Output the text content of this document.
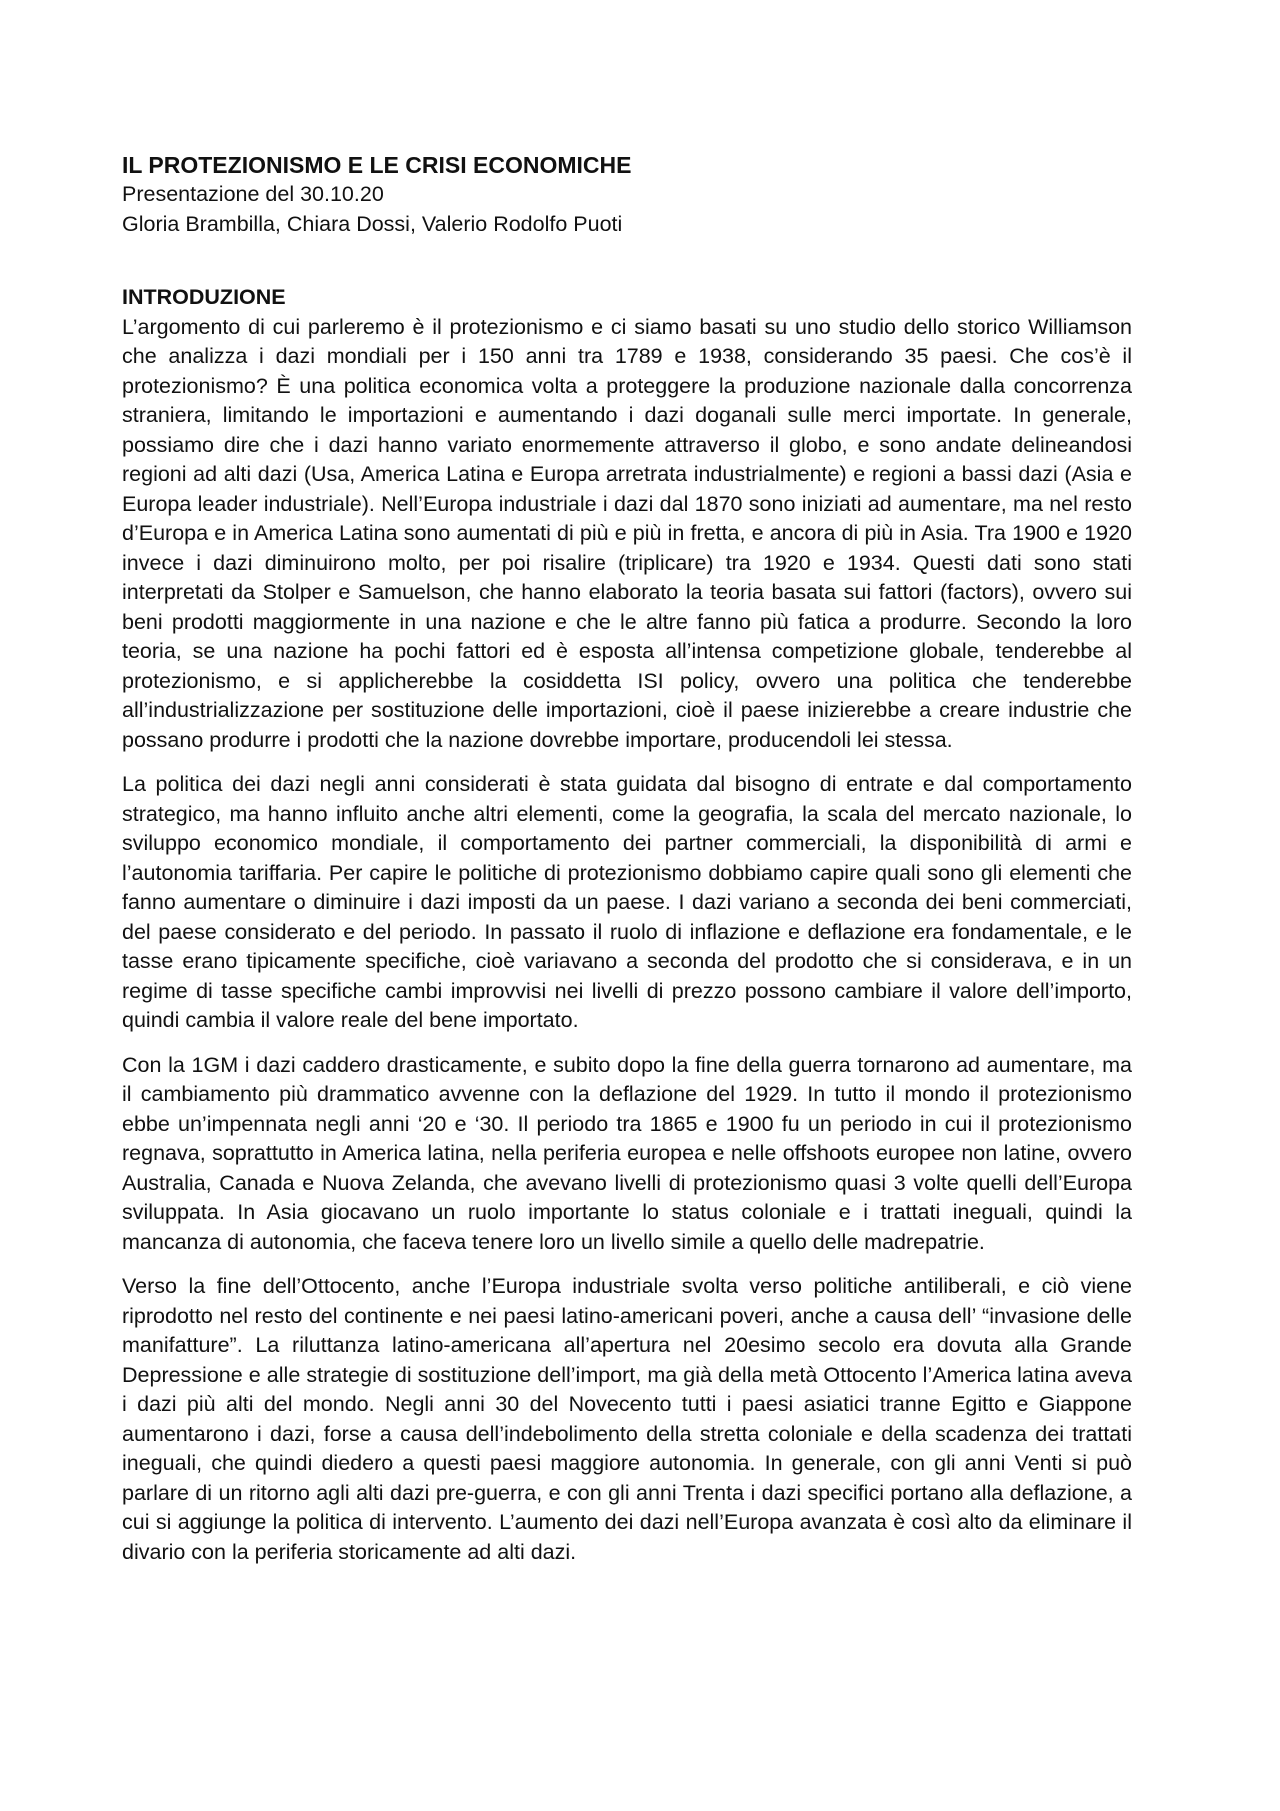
IL PROTEZIONISMO E LE CRISI ECONOMICHE
Presentazione del 30.10.20
Gloria Brambilla, Chiara Dossi, Valerio Rodolfo Puoti
INTRODUZIONE

L’argomento di cui parleremo è il protezionismo e ci siamo basati su uno studio dello storico Williamson che analizza i dazi mondiali per i 150 anni tra 1789 e 1938, considerando 35 paesi. Che cos’è il protezionismo? È una politica economica volta a proteggere la produzione nazionale dalla concorrenza straniera, limitando le importazioni e aumentando i dazi doganali sulle merci importate. In generale, possiamo dire che i dazi hanno variato enormemente attraverso il globo, e sono andate delineandosi regioni ad alti dazi (Usa, America Latina e Europa arretrata industrialmente) e regioni a bassi dazi (Asia e Europa leader industriale). Nell’Europa industriale i dazi dal 1870 sono iniziati ad aumentare, ma nel resto d’Europa e in America Latina sono aumentati di più e più in fretta, e ancora di più in Asia. Tra 1900 e 1920 invece i dazi diminuirono molto, per poi risalire (triplicare) tra 1920 e 1934. Questi dati sono stati interpretati da Stolper e Samuelson, che hanno elaborato la teoria basata sui fattori (factors), ovvero sui beni prodotti maggiormente in una nazione e che le altre fanno più fatica a produrre. Secondo la loro teoria, se una nazione ha pochi fattori ed è esposta all’intensa competizione globale, tenderebbe al protezionismo, e si applicherebbe la cosiddetta ISI policy, ovvero una politica che tenderebbe all’industrializzazione per sostituzione delle importazioni, cioè il paese inizierebbe a creare industrie che possano produrre i prodotti che la nazione dovrebbe importare, producendoli lei stessa.

La politica dei dazi negli anni considerati è stata guidata dal bisogno di entrate e dal comportamento strategico, ma hanno influito anche altri elementi, come la geografia, la scala del mercato nazionale, lo sviluppo economico mondiale, il comportamento dei partner commerciali, la disponibilità di armi e l’autonomia tariffaria. Per capire le politiche di protezionismo dobbiamo capire quali sono gli elementi che fanno aumentare o diminuire i dazi imposti da un paese. I dazi variano a seconda dei beni commerciati, del paese considerato e del periodo. In passato il ruolo di inflazione e deflazione era fondamentale, e le tasse erano tipicamente specifiche, cioè variavano a seconda del prodotto che si considerava, e in un regime di tasse specifiche cambi improvvisi nei livelli di prezzo possono cambiare il valore dell’importo, quindi cambia il valore reale del bene importato.

Con la 1GM i dazi caddero drasticamente, e subito dopo la fine della guerra tornarono ad aumentare, ma il cambiamento più drammatico avvenne con la deflazione del 1929. In tutto il mondo il protezionismo ebbe un’impennata negli anni ‘20 e ‘30. Il periodo tra 1865 e 1900 fu un periodo in cui il protezionismo regnava, soprattutto in America latina, nella periferia europea e nelle offshoots europee non latine, ovvero Australia, Canada e Nuova Zelanda, che avevano livelli di protezionismo quasi 3 volte quelli dell’Europa sviluppata. In Asia giocavano un ruolo importante lo status coloniale e i trattati ineguali, quindi la mancanza di autonomia, che faceva tenere loro un livello simile a quello delle madrepatrie.

Verso la fine dell’Ottocento, anche l’Europa industriale svolta verso politiche antiliberali, e ciò viene riprodotto nel resto del continente e nei paesi latino-americani poveri, anche a causa dell’ “invasione delle manifatture”. La riluttanza latino-americana all’apertura nel 20esimo secolo era dovuta alla Grande Depressione e alle strategie di sostituzione dell’import, ma già della metà Ottocento l’America latina aveva i dazi più alti del mondo. Negli anni 30 del Novecento tutti i paesi asiatici tranne Egitto e Giappone aumentarono i dazi, forse a causa dell’indebolimento della stretta coloniale e della scadenza dei trattati ineguali, che quindi diedero a questi paesi maggiore autonomia. In generale, con gli anni Venti si può parlare di un ritorno agli alti dazi pre-guerra, e con gli anni Trenta i dazi specifici portano alla deflazione, a cui si aggiunge la politica di intervento. L’aumento dei dazi nell’Europa avanzata è così alto da eliminare il divario con la periferia storicamente ad alti dazi.
